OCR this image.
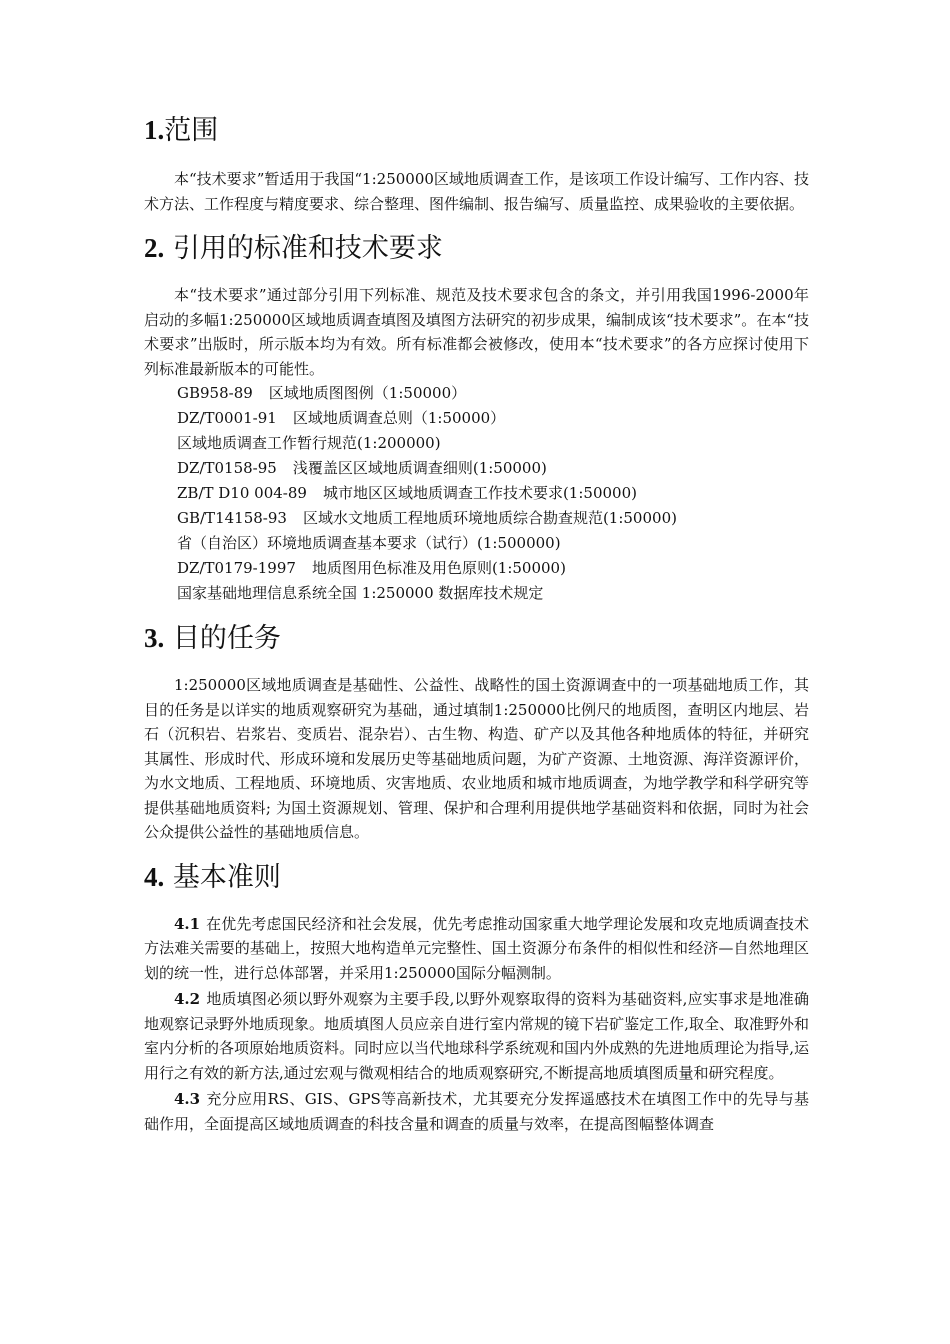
1.范围

本“技术要求”暂适用于我国“1:250000区域地质调查工作，是该项工作设计编写、工作内容、技术方法、工作程度与精度要求、综合整理、图件编制、报告编写、质量监控、成果验收的主要依据。

2. 引用的标准和技术要求

本“技术要求”通过部分引用下列标准、规范及技术要求包含的条文，并引用我国1996-2000年启动的多幅1:250000区域地质调查填图及填图方法研究的初步成果，编制成该“技术要求”。在本“技术要求”出版时，所示版本均为有效。所有标准都会被修改，使用本“技术要求”的各方应探讨使用下列标准最新版本的可能性。

GB958-89 区域地质图图例（1:50000）

DZ/T0001-91 区域地质调查总则（1:50000）

区域地质调查工作暂行规范(1:200000)

DZ/T0158-95 浅覆盖区区域地质调查细则(1:50000)

ZB/T D10 004-89 城市地区区域地质调查工作技术要求(1:50000)

GB/T14158-93 区域水文地质工程地质环境地质综合勘查规范(1:50000)

省（自治区）环境地质调查基本要求（试行）(1:500000)

DZ/T0179-1997 地质图用色标准及用色原则(1:50000)

国家基础地理信息系统全国 1:250000 数据库技术规定

3. 目的任务

1:250000区域地质调查是基础性、公益性、战略性的国土资源调查中的一项基础地质工作，其目的任务是以详实的地质观察研究为基础，通过填制1:250000比例尺的地质图，查明区内地层、岩石（沉积岩、岩浆岩、变质岩、混杂岩）、古生物、构造、矿产以及其他各种地质体的特征，并研究其属性、形成时代、形成环境和发展历史等基础地质问题，为矿产资源、土地资源、海洋资源评价，为水文地质、工程地质、环境地质、灾害地质、农业地质和城市地质调查，为地学教学和科学研究等提供基础地质资料; 为国土资源规划、管理、保护和合理利用提供地学基础资料和依据，同时为社会公众提供公益性的基础地质信息。

4. 基本准则

4.1 在优先考虑国民经济和社会发展，优先考虑推动国家重大地学理论发展和攻克地质调查技术方法难关需要的基础上，按照大地构造单元完整性、国土资源分布条件的相似性和经济—自然地理区划的统一性，进行总体部署，并采用1:250000国际分幅测制。

4.2 地质填图必须以野外观察为主要手段,以野外观察取得的资料为基础资料,应实事求是地准确地观察记录野外地质现象。地质填图人员应亲自进行室内常规的镜下岩矿鉴定工作,取全、取准野外和室内分析的各项原始地质资料。同时应以当代地球科学系统观和国内外成熟的先进地质理论为指导,运用行之有效的新方法,通过宏观与微观相结合的地质观察研究,不断提高地质填图质量和研究程度。

4.3 充分应用RS、GIS、GPS等高新技术，尤其要充分发挥遥感技术在填图工作中的先导与基础作用，全面提高区域地质调查的科技含量和调查的质量与效率，在提高图幅整体调查
